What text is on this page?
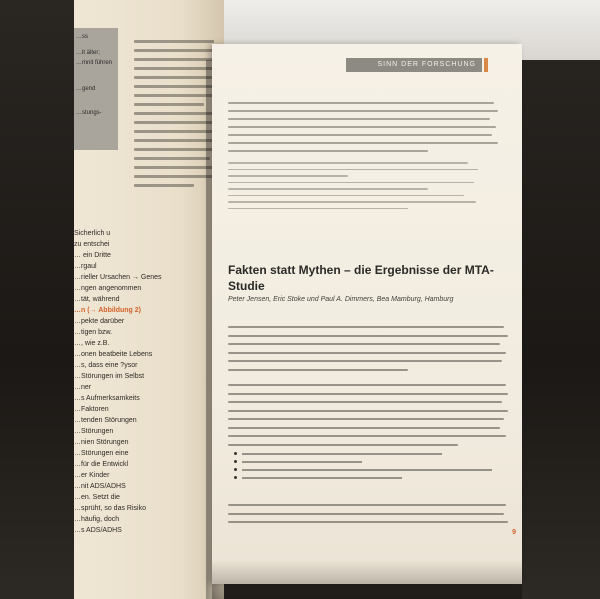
…ss
…lt älter;
…mnit führen
…gend
…stungs-
Sicherlich u
zu entschei
… ein Dritte
…rgaul
…rieller Ursachen → Genes
…ngen angenommen
…tät, während
…n (→ Abbildung 2)
…pekte darüber
…tigen bzw.
…, wie z.B.
…onen beatbeite Lebens
…s, dass eine ?ysor
…Störungen im Selbst
…ner
…s Aufmerksamkeits
…Faktoren
…tenden Störungen
…Störungen
…nien Störungen
…Störungen eine
…für die Entwickl
…er Kinder
…nit ADS/ADHS
…en. Setzt die
…sprüht, so das Risiko
…häufig, doch
…s ADS/ADHS
SINN DER FORSCHUNG
Fakten statt Mythen – die Ergebnisse der MTA-Studie
Peter Jensen, Eric Stoke und Paul A. Dimmers, Bea Mamburg, Hamburg
9
